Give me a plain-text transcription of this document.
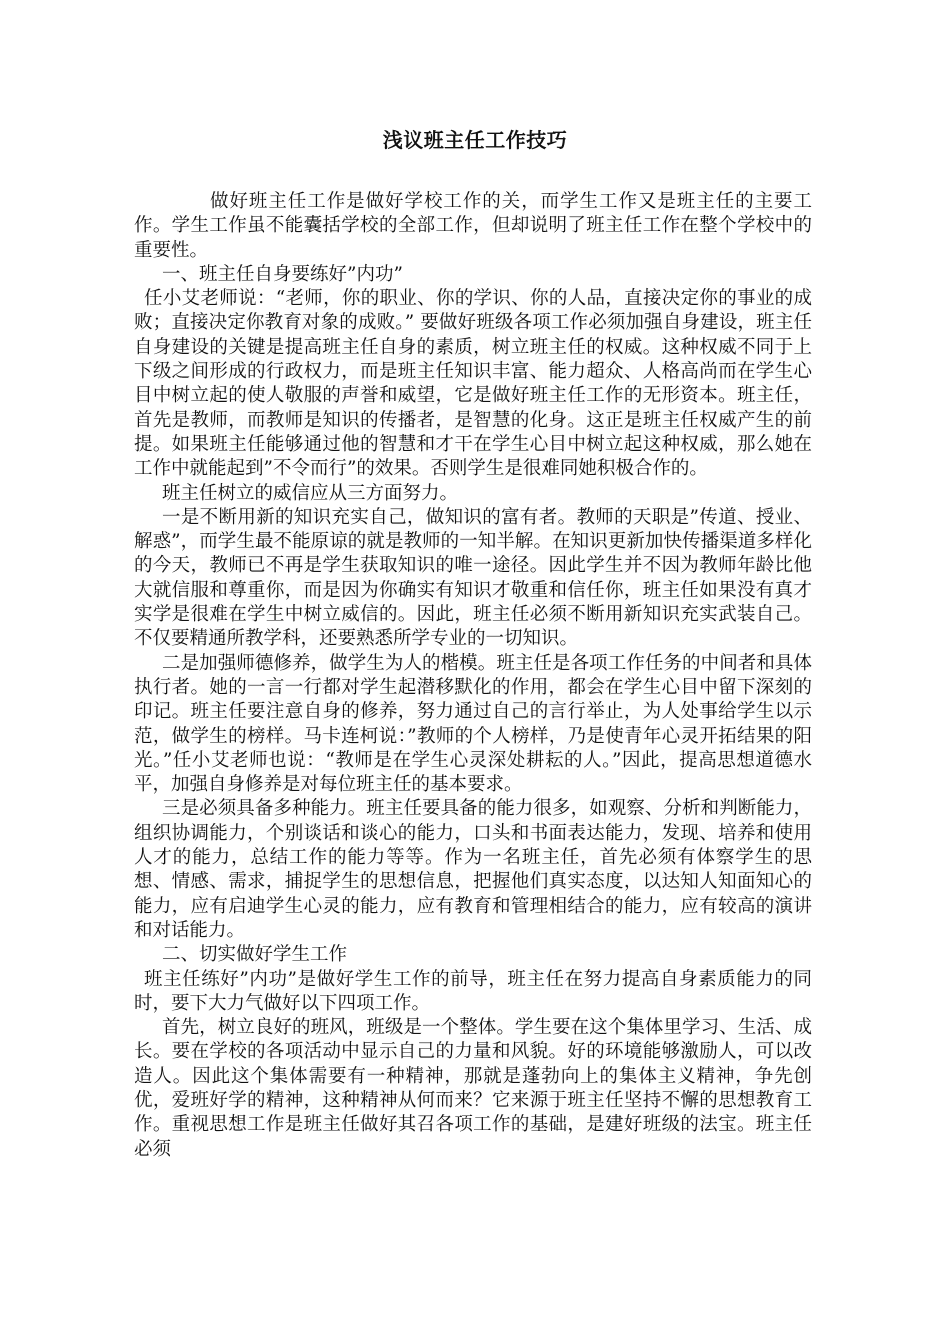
浅议班主任工作技巧

做好班主任工作是做好学校工作的关，而学生工作又是班主任的主要工作。学生工作虽不能囊括学校的全部工作，但却说明了班主任工作在整个学校中的重要性。

一、班主任自身要练好”内功”

任小艾老师说：“老师，你的职业、你的学识、你的人品，直接决定你的事业的成败；直接决定你教育对象的成败。” 要做好班级各项工作必须加强自身建设，班主任自身建设的关键是提高班主任自身的素质，树立班主任的权威。这种权威不同于上下级之间形成的行政权力，而是班主任知识丰富、能力超众、人格高尚而在学生心目中树立起的使人敬服的声誉和威望，它是做好班主任工作的无形资本。班主任，首先是教师，而教师是知识的传播者，是智慧的化身。这正是班主任权威产生的前提。如果班主任能够通过他的智慧和才干在学生心目中树立起这种权威，那么她在工作中就能起到”不令而行”的效果。否则学生是很难同她积极合作的。

班主任树立的威信应从三方面努力。

一是不断用新的知识充实自己，做知识的富有者。教师的天职是”传道、授业、解惑”，而学生最不能原谅的就是教师的一知半解。在知识更新加快传播渠道多样化的今天，教师已不再是学生获取知识的唯一途径。因此学生并不因为教师年龄比他大就信服和尊重你，而是因为你确实有知识才敬重和信任你，班主任如果没有真才实学是很难在学生中树立威信的。因此，班主任必须不断用新知识充实武装自己。不仅要精通所教学科，还要熟悉所学专业的一切知识。

二是加强师德修养，做学生为人的楷模。班主任是各项工作任务的中间者和具体执行者。她的一言一行都对学生起潜移默化的作用，都会在学生心目中留下深刻的印记。班主任要注意自身的修养，努力通过自己的言行举止，为人处事给学生以示范，做学生的榜样。马卡连柯说：”教师的个人榜样，乃是使青年心灵开拓结果的阳光。”任小艾老师也说：“教师是在学生心灵深处耕耘的人。”因此，提高思想道德水平，加强自身修养是对每位班主任的基本要求。

三是必须具备多种能力。班主任要具备的能力很多，如观察、分析和判断能力，组织协调能力，个别谈话和谈心的能力，口头和书面表达能力，发现、培养和使用人才的能力，总结工作的能力等等。作为一名班主任，首先必须有体察学生的思想、情感、需求，捕捉学生的思想信息，把握他们真实态度，以达知人知面知心的能力，应有启迪学生心灵的能力，应有教育和管理相结合的能力，应有较高的演讲和对话能力。

二、切实做好学生工作

班主任练好”内功”是做好学生工作的前导，班主任在努力提高自身素质能力的同时，要下大力气做好以下四项工作。

首先，树立良好的班风，班级是一个整体。学生要在这个集体里学习、生活、成长。要在学校的各项活动中显示自己的力量和风貌。好的环境能够激励人，可以改造人。因此这个集体需要有一种精神，那就是蓬勃向上的集体主义精神，争先创优，爱班好学的精神，这种精神从何而来？它来源于班主任坚持不懈的思想教育工作。重视思想工作是班主任做好其召各项工作的基础，是建好班级的法宝。班主任必须
